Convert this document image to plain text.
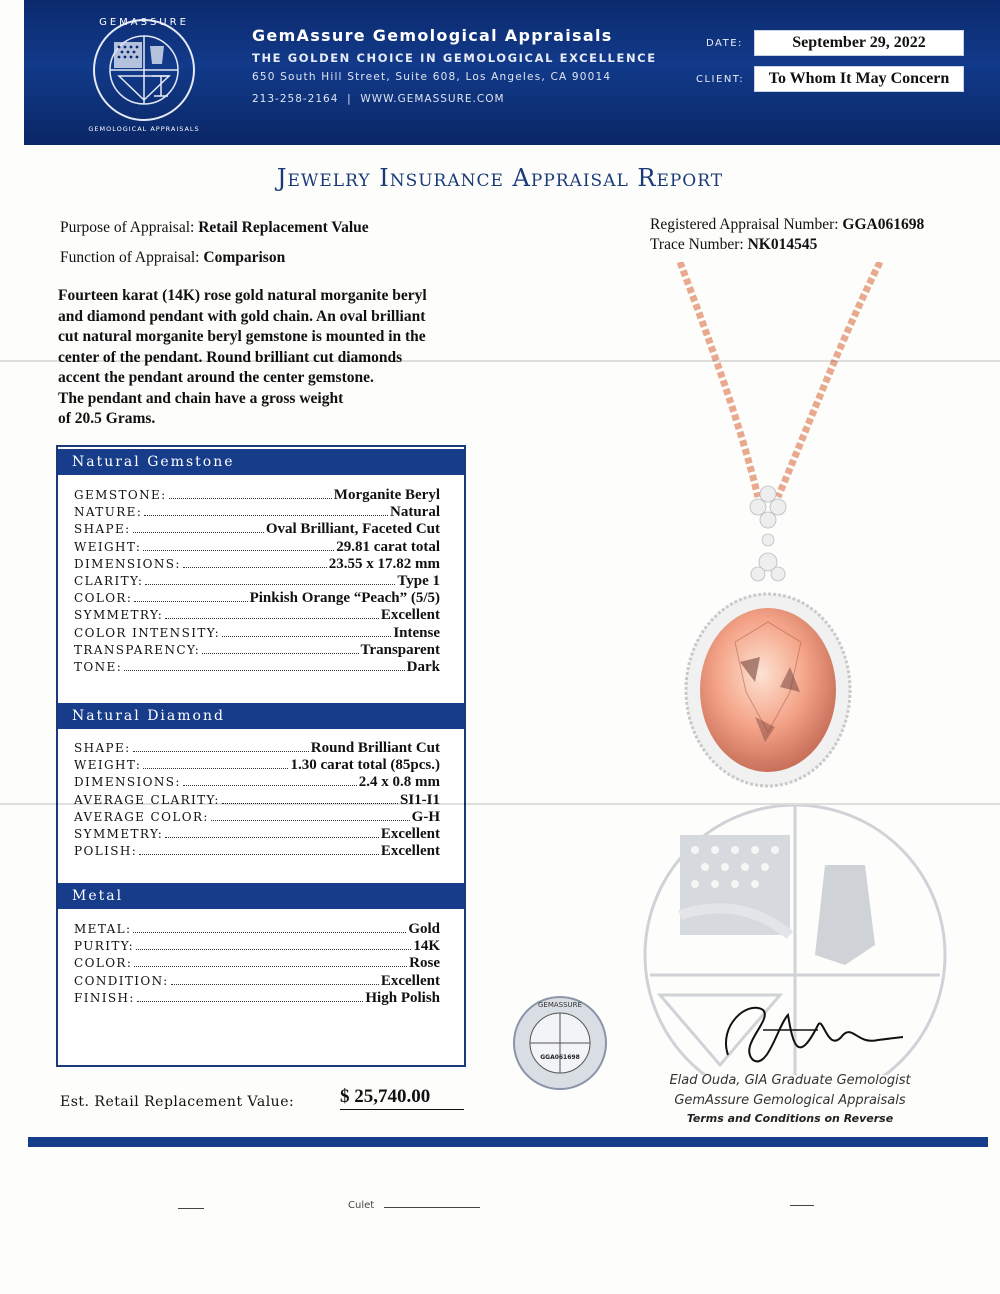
GEMASSURE
GEMOLOGICAL APPRAISALS
GemAssure Gemological Appraisals
THE GOLDEN CHOICE IN GEMOLOGICAL EXCELLENCE
650 South Hill Street, Suite 608, Los Angeles, CA 90014
213-258-2164 | WWW.GEMASSURE.COM
DATE:	September 29, 2022
CLIENT:	To Whom It May Concern
Jewelry Insurance Appraisal Report
Purpose of Appraisal: Retail Replacement Value
Function of Appraisal: Comparison
Registered Appraisal Number: GGA061698
Trace Number: NK014545
Fourteen karat (14K) rose gold natural morganite beryl
and diamond pendant with gold chain. An oval brilliant
cut natural morganite beryl gemstone is mounted in the
center of the pendant. Round brilliant cut diamonds
accent the pendant around the center gemstone.
The pendant and chain have a gross weight
of 20.5 Grams.
Natural Gemstone
GEMSTONE:	Morganite Beryl
NATURE:	Natural
SHAPE:	Oval Brilliant, Faceted Cut
WEIGHT:	29.81 carat total
DIMENSIONS:	23.55 x 17.82 mm
CLARITY:	Type 1
COLOR:	Pinkish Orange “Peach” (5/5)
SYMMETRY:	Excellent
COLOR INTENSITY:	Intense
TRANSPARENCY:	Transparent
TONE:	Dark
Natural Diamond
SHAPE:	Round Brilliant Cut
WEIGHT:	1.30 carat total (85pcs.)
DIMENSIONS:	2.4 x 0.8 mm
AVERAGE CLARITY:	SI1-I1
AVERAGE COLOR:	G-H
SYMMETRY:	Excellent
POLISH:	Excellent
Metal
METAL:	Gold
PURITY:	14K
COLOR:	Rose
CONDITION:	Excellent
FINISH:	High Polish
Est. Retail Replacement Value: $ 25,740.00
GEMASSURE
GGA061698
Elad Ouda
Elad Ouda, GIA Graduate Gemologist
GemAssure Gemological Appraisals
Terms and Conditions on Reverse
Culet
